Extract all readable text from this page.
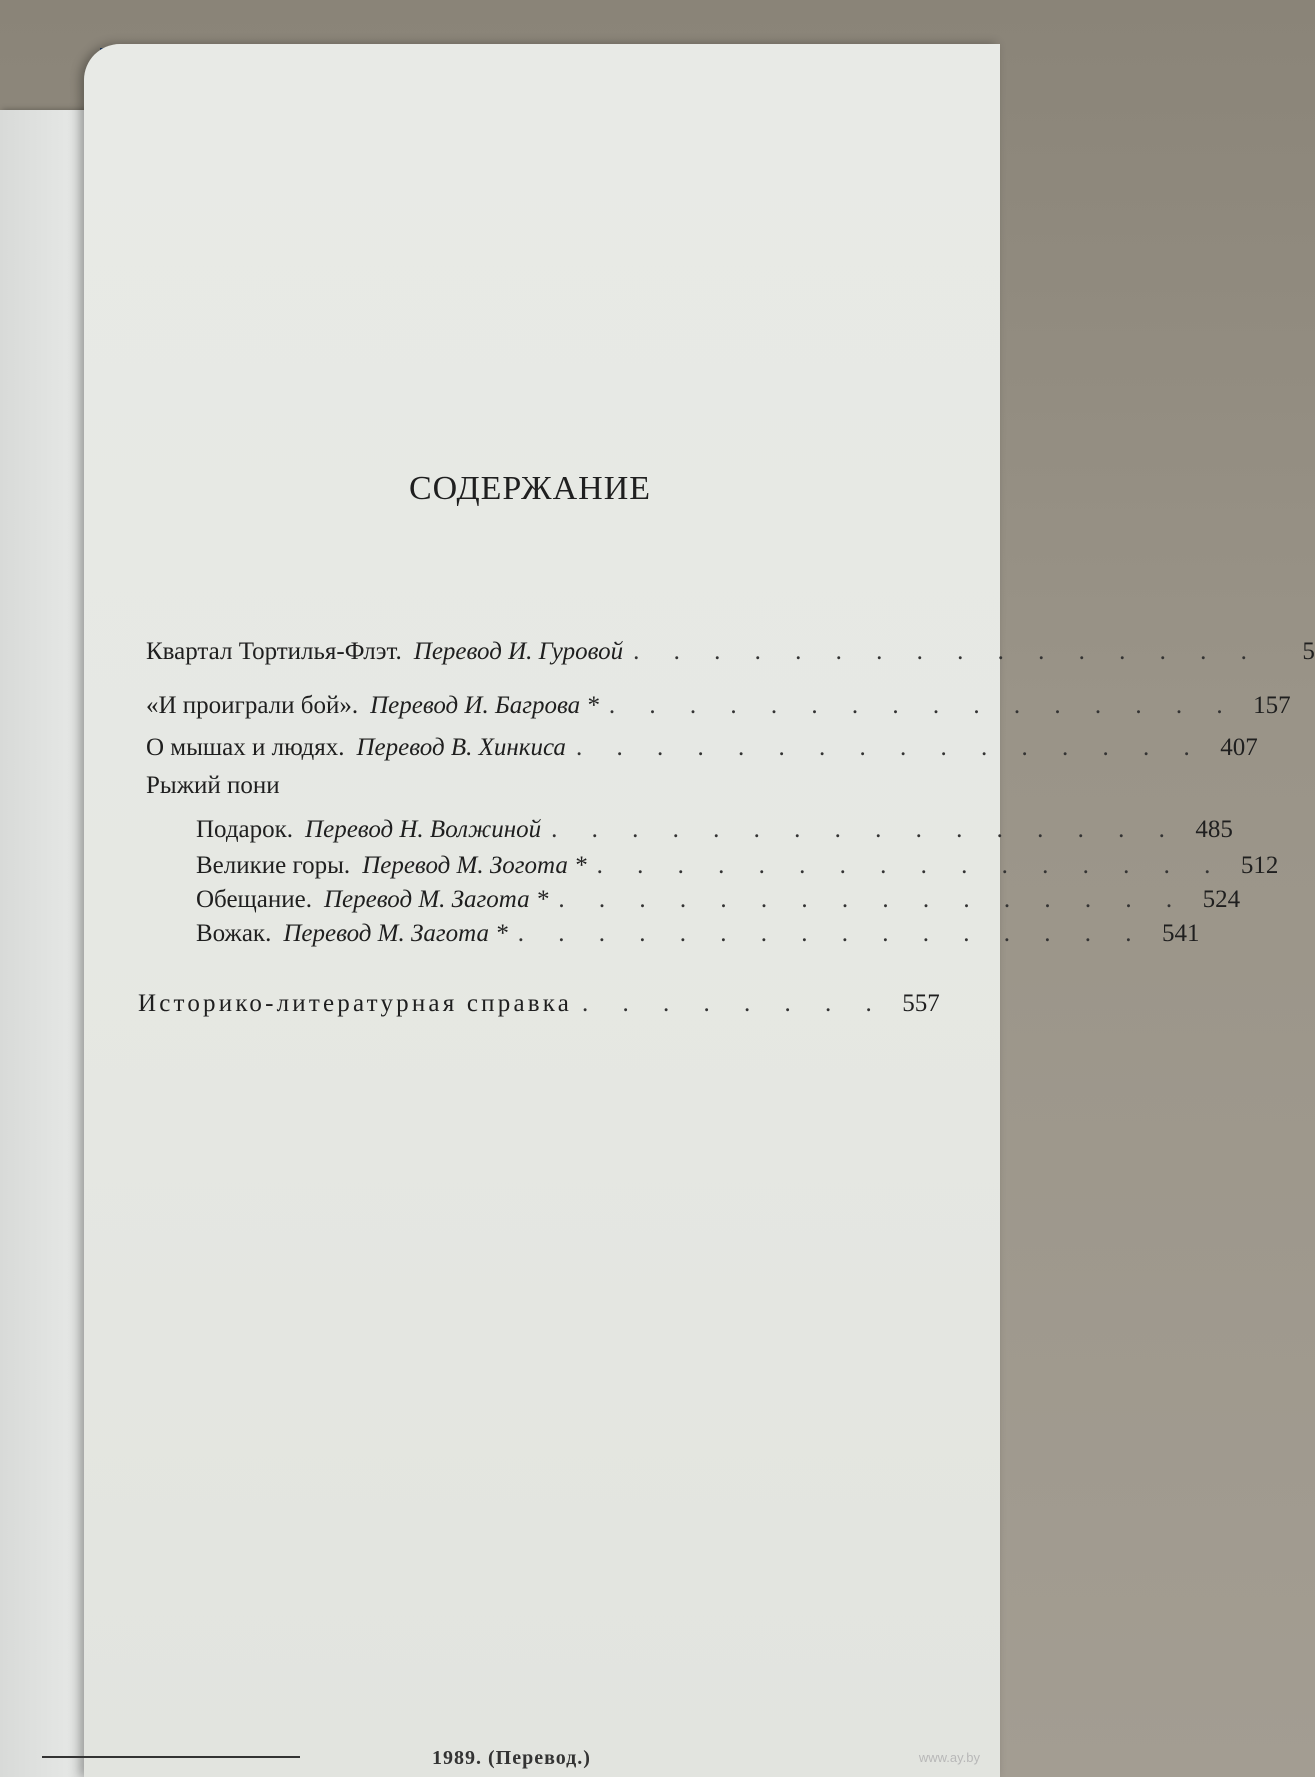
СОДЕРЖАНИЕ
Квартал Тортилья-Флэт. Перевод И. Гуровой . . . . . . . . . . . . . . . .	5
«И проиграли бой». Перевод И. Багрова * . . . . . . . . . . . . . . . . 157
О мышах и людях. Перевод В. Хинкиса . . . . . . . . . . . . . . . . 407
Рыжий пони
Подарок. Перевод Н. Волжиной . . . . . . . . . . . . . . . . 485
Великие горы. Перевод М. Зогота * . . . . . . . . . . . . . . . . 512
Обещание. Перевод М. Загота * . . . . . . . . . . . . . . . . 524
Вожак. Перевод М. Загота * . . . . . . . . . . . . . . . . 541
Историко-литературная справка . . . . . . . . 557
1989. (Перевод.)	www.ay.by
